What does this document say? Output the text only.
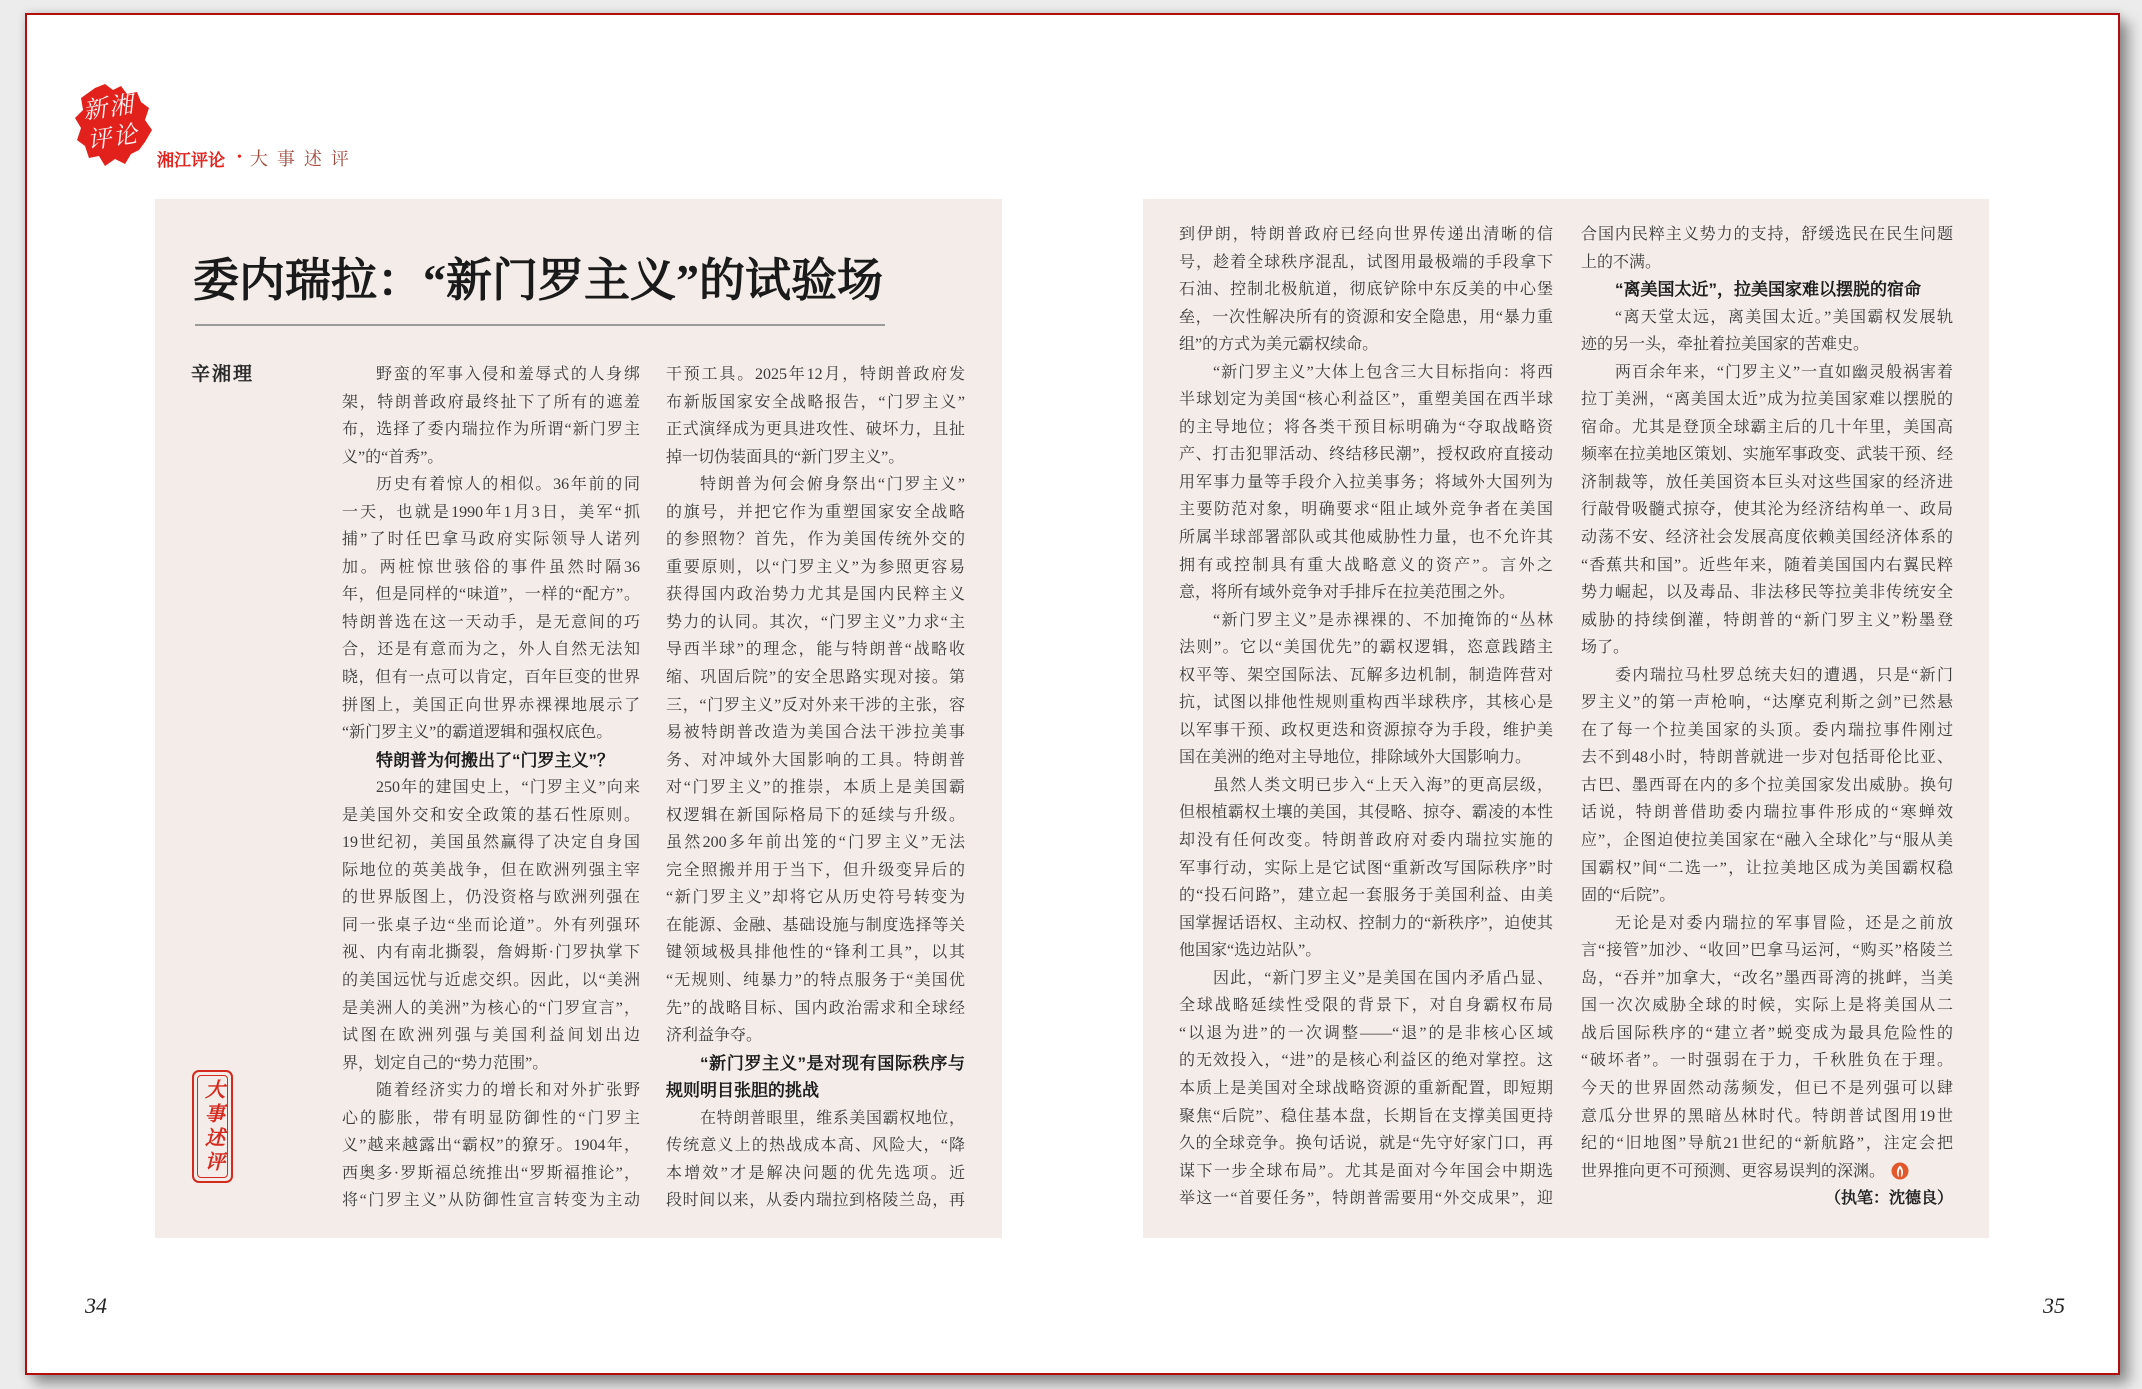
新湘评论
湘江评论 • 大事述评
委内瑞拉：“新门罗主义”的试验场
辛湘理	野蛮的军事入侵和羞辱式的人身绑
架，特朗普政府最终扯下了所有的遮羞
布，选择了委内瑞拉作为所谓“新门罗主
义”的“首秀”。
历史有着惊人的相似。36年前的同
一天，也就是1990年1月3日，美军“抓
捕”了时任巴拿马政府实际领导人诺列
加。两桩惊世骇俗的事件虽然时隔36
年，但是同样的“味道”，一样的“配方”。
特朗普选在这一天动手，是无意间的巧
合，还是有意而为之，外人自然无法知
晓，但有一点可以肯定，百年巨变的世界
拼图上，美国正向世界赤裸裸地展示了
“新门罗主义”的霸道逻辑和强权底色。
特朗普为何搬出了“门罗主义”？
250年的建国史上，“门罗主义”向来
是美国外交和安全政策的基石性原则。
19世纪初，美国虽然赢得了决定自身国
际地位的英美战争，但在欧洲列强主宰
的世界版图上，仍没资格与欧洲列强在
同一张桌子边“坐而论道”。外有列强环
视、内有南北撕裂，詹姆斯·门罗执掌下
的美国远忧与近虑交织。因此，以“美洲
是美洲人的美洲”为核心的“门罗宣言”，
试图在欧洲列强与美国利益间划出边
界，划定自己的“势力范围”。
随着经济实力的增长和对外扩张野
心的膨胀，带有明显防御性的“门罗主
义”越来越露出“霸权”的獠牙。1904年，
西奥多·罗斯福总统推出“罗斯福推论”，
将“门罗主义”从防御性宣言转变为主动
干预工具。2025年12月，特朗普政府发
布新版国家安全战略报告，“门罗主义”
正式演绎成为更具进攻性、破坏力，且扯
掉一切伪装面具的“新门罗主义”。
特朗普为何会俯身祭出“门罗主义”
的旗号，并把它作为重塑国家安全战略
的参照物？首先，作为美国传统外交的
重要原则，以“门罗主义”为参照更容易
获得国内政治势力尤其是国内民粹主义
势力的认同。其次，“门罗主义”力求“主
导西半球”的理念，能与特朗普“战略收
缩、巩固后院”的安全思路实现对接。第
三，“门罗主义”反对外来干涉的主张，容
易被特朗普改造为美国合法干涉拉美事
务、对冲域外大国影响的工具。特朗普
对“门罗主义”的推崇，本质上是美国霸
权逻辑在新国际格局下的延续与升级。
虽然200多年前出笼的“门罗主义”无法
完全照搬并用于当下，但升级变异后的
“新门罗主义”却将它从历史符号转变为
在能源、金融、基础设施与制度选择等关
键领域极具排他性的“锋利工具”，以其
“无规则、纯暴力”的特点服务于“美国优
先”的战略目标、国内政治需求和全球经
济利益争夺。
“新门罗主义”是对现有国际秩序与
规则明目张胆的挑战
在特朗普眼里，维系美国霸权地位，
传统意义上的热战成本高、风险大，“降
本增效”才是解决问题的优先选项。近
段时间以来，从委内瑞拉到格陵兰岛，再
大事述评
34
到伊朗，特朗普政府已经向世界传递出清晰的信
号，趁着全球秩序混乱，试图用最极端的手段拿下
石油、控制北极航道，彻底铲除中东反美的中心堡
垒，一次性解决所有的资源和安全隐患，用“暴力重
组”的方式为美元霸权续命。
“新门罗主义”大体上包含三大目标指向：将西
半球划定为美国“核心利益区”，重塑美国在西半球
的主导地位；将各类干预目标明确为“夺取战略资
产、打击犯罪活动、终结移民潮”，授权政府直接动
用军事力量等手段介入拉美事务；将域外大国列为
主要防范对象，明确要求“阻止域外竞争者在美国
所属半球部署部队或其他威胁性力量，也不允许其
拥有或控制具有重大战略意义的资产”。言外之
意，将所有域外竞争对手排斥在拉美范围之外。
“新门罗主义”是赤裸裸的、不加掩饰的“丛林
法则”。它以“美国优先”的霸权逻辑，恣意践踏主
权平等、架空国际法、瓦解多边机制，制造阵营对
抗，试图以排他性规则重构西半球秩序，其核心是
以军事干预、政权更迭和资源掠夺为手段，维护美
国在美洲的绝对主导地位，排除域外大国影响力。
虽然人类文明已步入“上天入海”的更高层级，
但根植霸权土壤的美国，其侵略、掠夺、霸凌的本性
却没有任何改变。特朗普政府对委内瑞拉实施的
军事行动，实际上是它试图“重新改写国际秩序”时
的“投石问路”，建立起一套服务于美国利益、由美
国掌握话语权、主动权、控制力的“新秩序”，迫使其
他国家“选边站队”。
因此，“新门罗主义”是美国在国内矛盾凸显、
全球战略延续性受限的背景下，对自身霸权布局
“以退为进”的一次调整——“退”的是非核心区域
的无效投入，“进”的是核心利益区的绝对掌控。这
本质上是美国对全球战略资源的重新配置，即短期
聚焦“后院”、稳住基本盘，长期旨在支撑美国更持
久的全球竞争。换句话说，就是“先守好家门口，再
谋下一步全球布局”。尤其是面对今年国会中期选
举这一“首要任务”，特朗普需要用“外交成果”，迎
合国内民粹主义势力的支持，舒缓选民在民生问题
上的不满。
“离美国太近”，拉美国家难以摆脱的宿命
“离天堂太远，离美国太近。”美国霸权发展轨
迹的另一头，牵扯着拉美国家的苦难史。
两百余年来，“门罗主义”一直如幽灵般祸害着
拉丁美洲，“离美国太近”成为拉美国家难以摆脱的
宿命。尤其是登顶全球霸主后的几十年里，美国高
频率在拉美地区策划、实施军事政变、武装干预、经
济制裁等，放任美国资本巨头对这些国家的经济进
行敲骨吸髓式掠夺，使其沦为经济结构单一、政局
动荡不安、经济社会发展高度依赖美国经济体系的
“香蕉共和国”。近些年来，随着美国国内右翼民粹
势力崛起，以及毒品、非法移民等拉美非传统安全
威胁的持续倒灌，特朗普的“新门罗主义”粉墨登
场了。
委内瑞拉马杜罗总统夫妇的遭遇，只是“新门
罗主义”的第一声枪响，“达摩克利斯之剑”已然悬
在了每一个拉美国家的头顶。委内瑞拉事件刚过
去不到48小时，特朗普就进一步对包括哥伦比亚、
古巴、墨西哥在内的多个拉美国家发出威胁。换句
话说，特朗普借助委内瑞拉事件形成的“寒蝉效
应”，企图迫使拉美国家在“融入全球化”与“服从美
国霸权”间“二选一”，让拉美地区成为美国霸权稳
固的“后院”。
无论是对委内瑞拉的军事冒险，还是之前放
言“接管”加沙、“收回”巴拿马运河，“购买”格陵兰
岛，“吞并”加拿大，“改名”墨西哥湾的挑衅，当美
国一次次威胁全球的时候，实际上是将美国从二
战后国际秩序的“建立者”蜕变成为最具危险性的
“破坏者”。一时强弱在于力，千秋胜负在于理。
今天的世界固然动荡频发，但已不是列强可以肆
意瓜分世界的黑暗丛林时代。特朗普试图用19世
纪的“旧地图”导航21世纪的“新航路”，注定会把
世界推向更不可预测、更容易误判的深渊。
（执笔：沈德良）
35
